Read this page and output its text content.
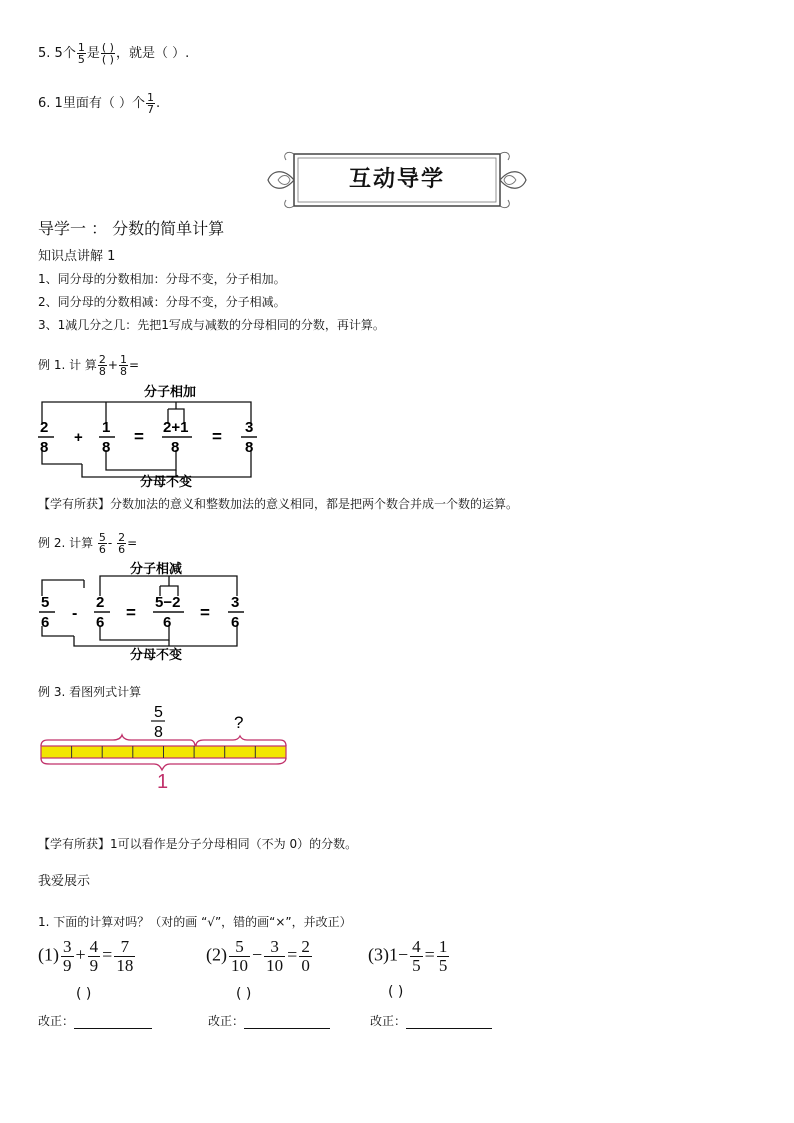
5. 5个 $\frac{1}{5}$ 是 $\frac{( )}{( )}$ ，就是（ ）.
6. 1里面有（ ）个 $\frac{1}{7}$ .
互动导学
导学一 ： 分数的简单计算
知识点讲解 1
1、同分母的分数相加：分母不变，分子相加。
2、同分母的分数相减：分母不变，分子相减。
3、1减几分之几：先把1写成与减数的分母相同的分数，再计算。
例 1. 计 算 $\frac{2}{8} + \frac{1}{8}$ =
分子相加
2
8
+
1
8
= 2+1
8
= 3
8
分母不变
【学有所获】分数加法的意义和整数加法的意义相同，都是把两个数合并成一个数的运算。
例 2. 计算 $\frac{5}{6} - \frac{2}{6}$ =
分子相减
5
6
-
2
6
=
5−2
6
=
3
6
分母不变
例 3. 看图列式计算
5
8
?
1
【学有所获】1可以看作是分子分母相同（不为 0）的分数。
我爱展示
1. 下面的计算对吗？（对的画 “√”，错的画“×”，并改正）
$(1) \frac{3}{9} + \frac{4}{9} = \frac{7}{18}$	$(2) \frac{5}{10} - \frac{3}{10} = \frac{2}{0}$	$(3)1- \frac{4}{5} = \frac{1}{5}$
( )	( )	( )
改正：	改正：	改正：
